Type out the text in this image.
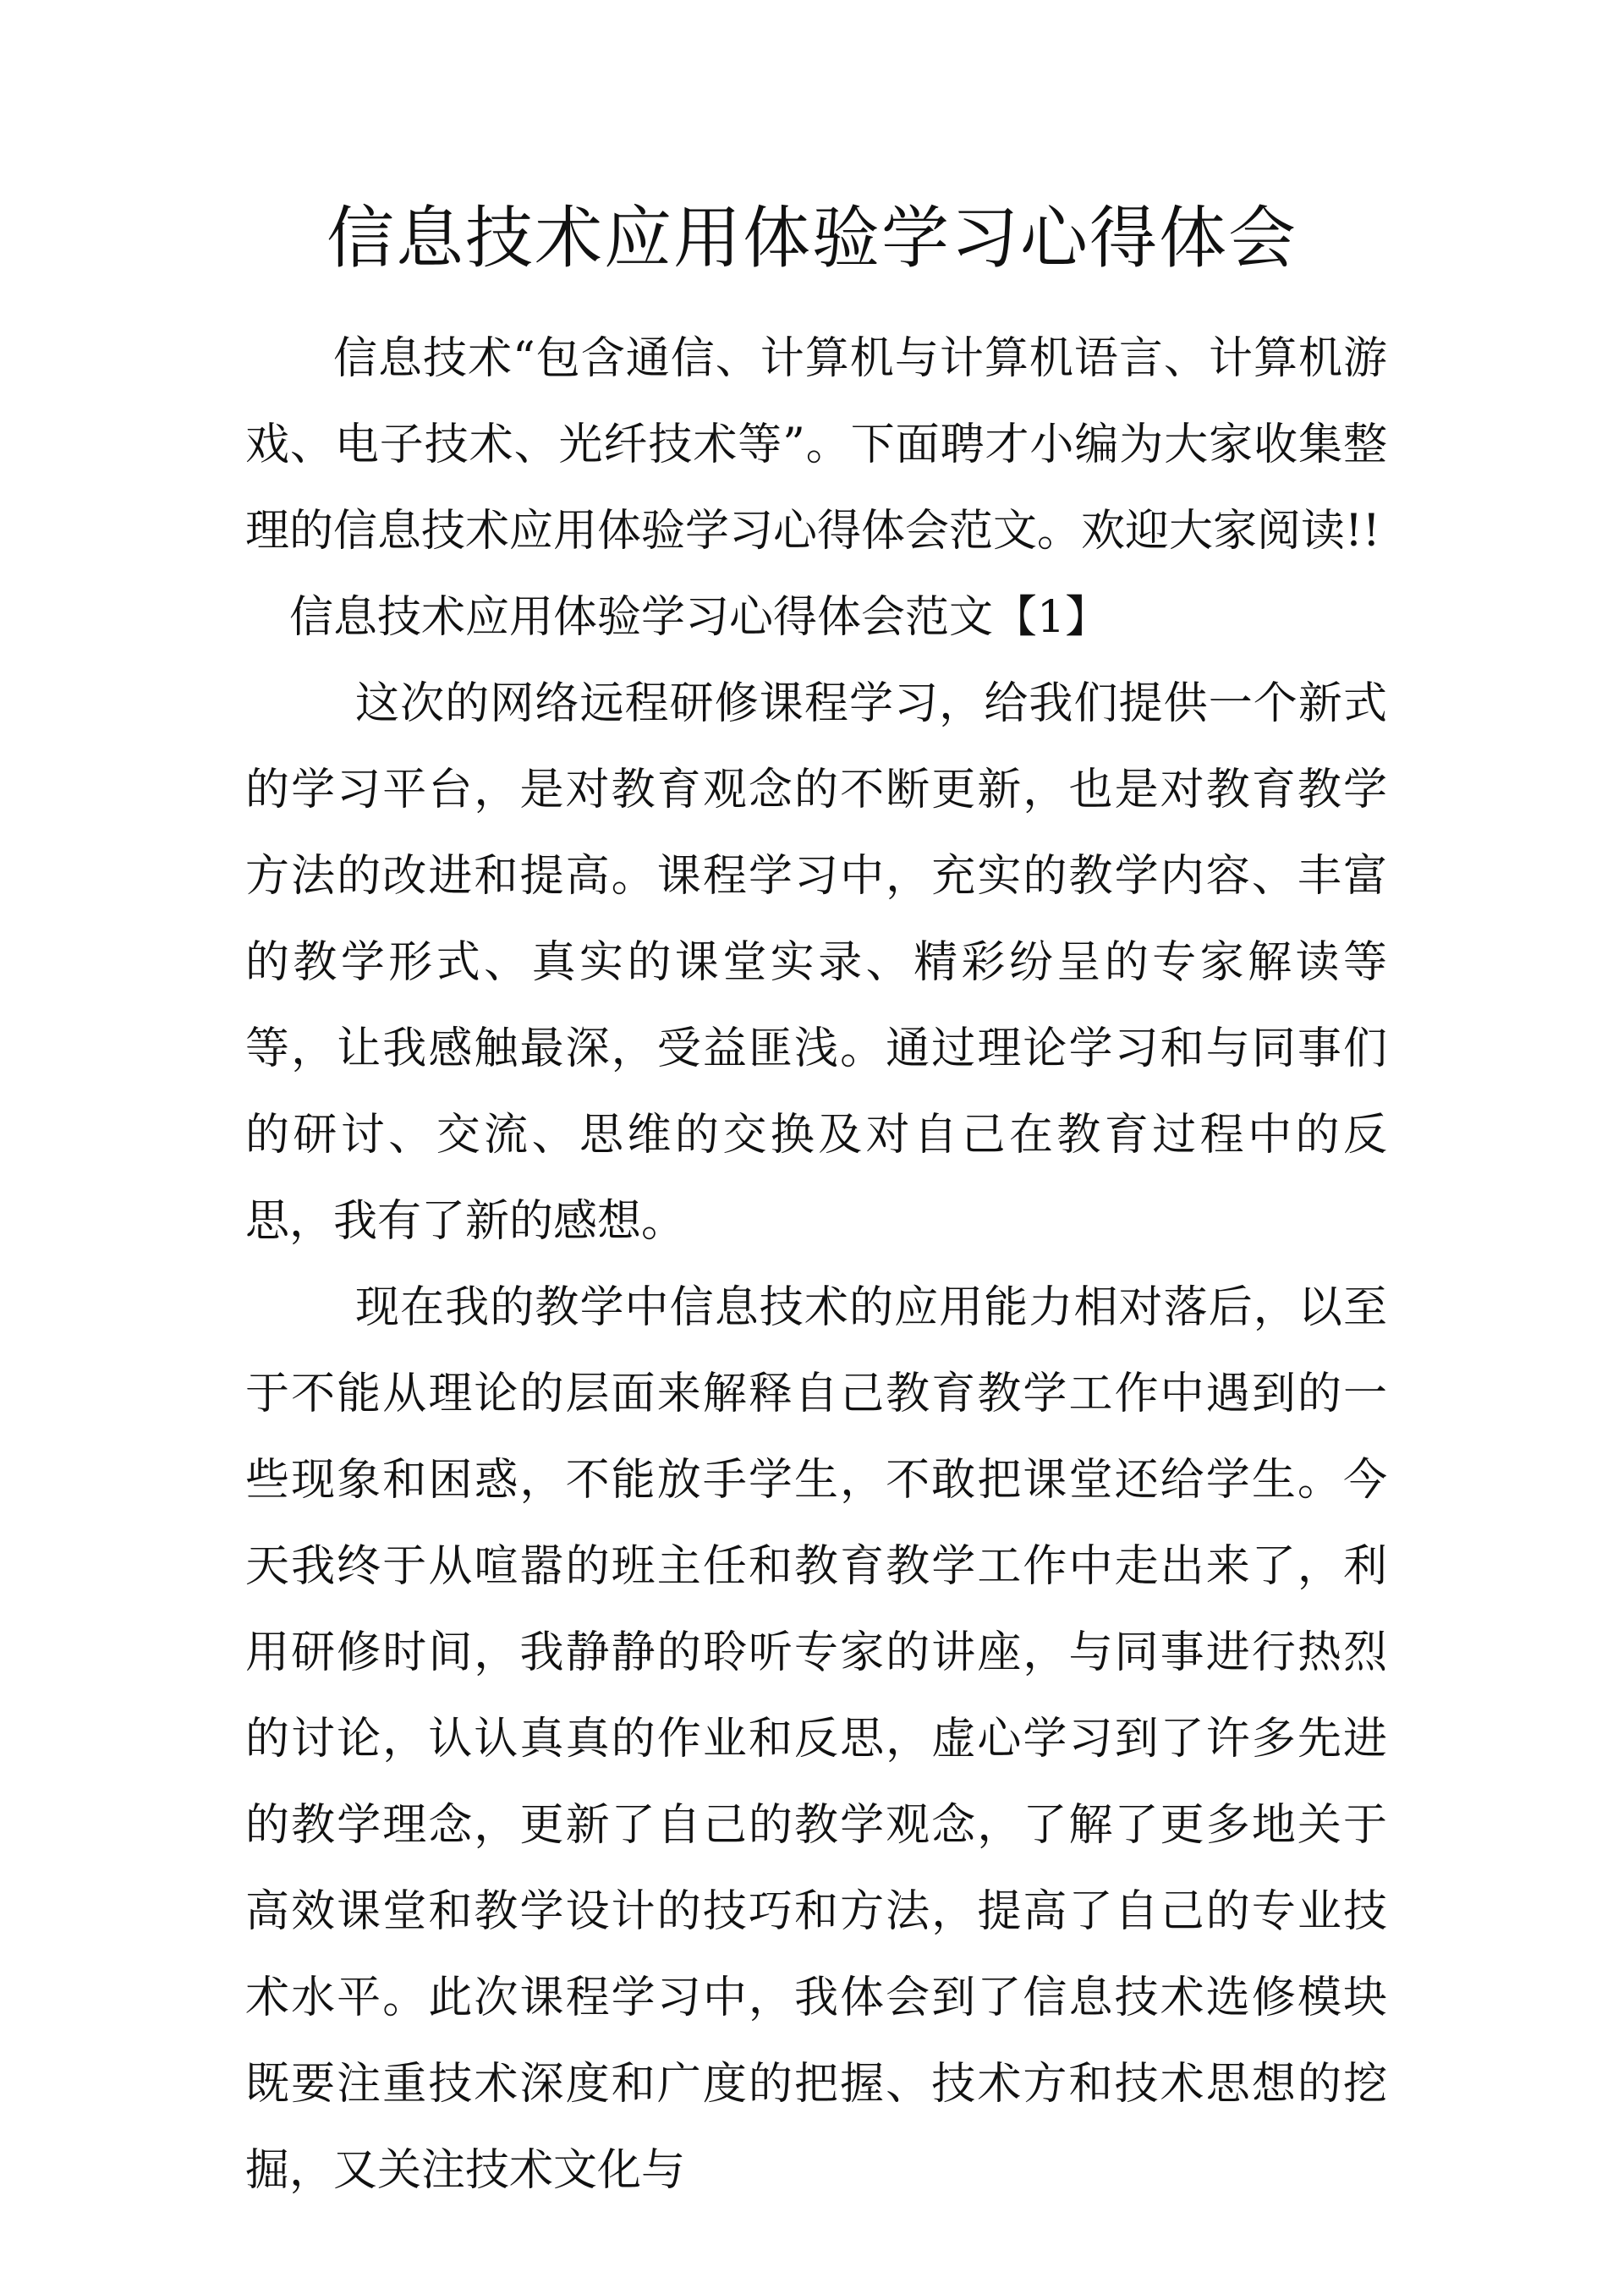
信息技术应用体验学习心得体会

信息技术“包含通信、计算机与计算机语言、计算机游戏、电子技术、光纤技术等”。下面聘才小编为大家收集整理的信息技术应用体验学习心得体会范文。欢迎大家阅读!!

信息技术应用体验学习心得体会范文【1】

这次的网络远程研修课程学习，给我们提供一个新式的学习平台，是对教育观念的不断更新，也是对教育教学方法的改进和提高。课程学习中，充实的教学内容、丰富的教学形式、真实的课堂实录、精彩纷呈的专家解读等等，让我感触最深，受益匪浅。通过理论学习和与同事们的研讨、交流、思维的交换及对自己在教育过程中的反思，我有了新的感想。

现在我的教学中信息技术的应用能力相对落后，以至于不能从理论的层面来解释自己教育教学工作中遇到的一些现象和困惑，不能放手学生，不敢把课堂还给学生。今天我终于从喧嚣的班主任和教育教学工作中走出来了，利用研修时间，我静静的聆听专家的讲座，与同事进行热烈的讨论，认认真真的作业和反思，虚心学习到了许多先进的教学理念，更新了自己的教学观念，了解了更多地关于高效课堂和教学设计的技巧和方法，提高了自己的专业技术水平。此次课程学习中，我体会到了信息技术选修模块既要注重技术深度和广度的把握、技术方和技术思想的挖掘，又关注技术文化与
